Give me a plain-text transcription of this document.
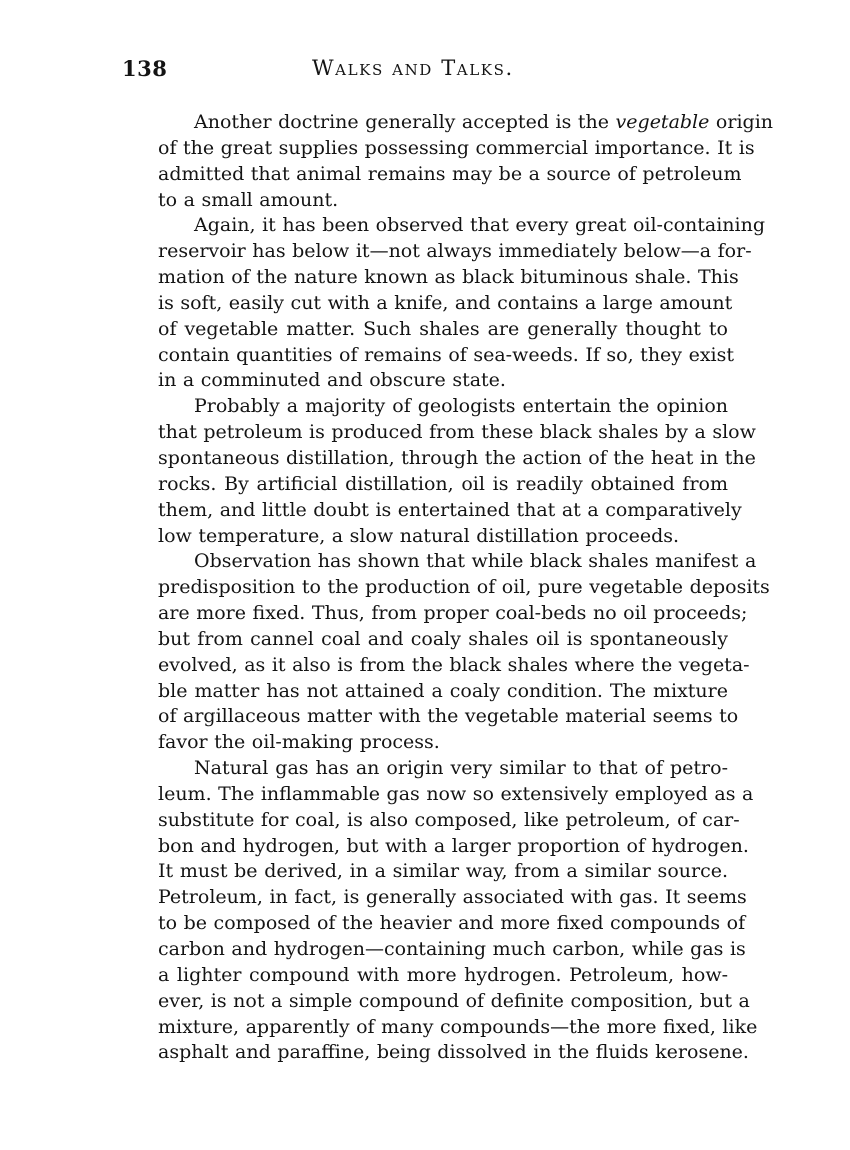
138	Walks and Talks.
Another doctrine generally accepted is the vegetable origin
of the great supplies possessing commercial importance. It is
admitted that animal remains may be a source of petroleum
to a small amount.
Again, it has been observed that every great oil-containing
reservoir has below it—not always immediately below—a for-
mation of the nature known as black bituminous shale. This
is soft, easily cut with a knife, and contains a large amount
of vegetable matter. Such shales are generally thought to
contain quantities of remains of sea-weeds. If so, they exist
in a comminuted and obscure state.
Probably a majority of geologists entertain the opinion
that petroleum is produced from these black shales by a slow
spontaneous distillation, through the action of the heat in the
rocks. By artificial distillation, oil is readily obtained from
them, and little doubt is entertained that at a comparatively
low temperature, a slow natural distillation proceeds.
Observation has shown that while black shales manifest a
predisposition to the production of oil, pure vegetable deposits
are more fixed. Thus, from proper coal-beds no oil proceeds;
but from cannel coal and coaly shales oil is spontaneously
evolved, as it also is from the black shales where the vegeta-
ble matter has not attained a coaly condition. The mixture
of argillaceous matter with the vegetable material seems to
favor the oil-making process.
Natural gas has an origin very similar to that of petro-
leum. The inflammable gas now so extensively employed as a
substitute for coal, is also composed, like petroleum, of car-
bon and hydrogen, but with a larger proportion of hydrogen.
It must be derived, in a similar way, from a similar source.
Petroleum, in fact, is generally associated with gas. It seems
to be composed of the heavier and more fixed compounds of
carbon and hydrogen—containing much carbon, while gas is
a lighter compound with more hydrogen. Petroleum, how-
ever, is not a simple compound of definite composition, but a
mixture, apparently of many compounds—the more fixed, like
asphalt and paraffine, being dissolved in the fluids kerosene.
